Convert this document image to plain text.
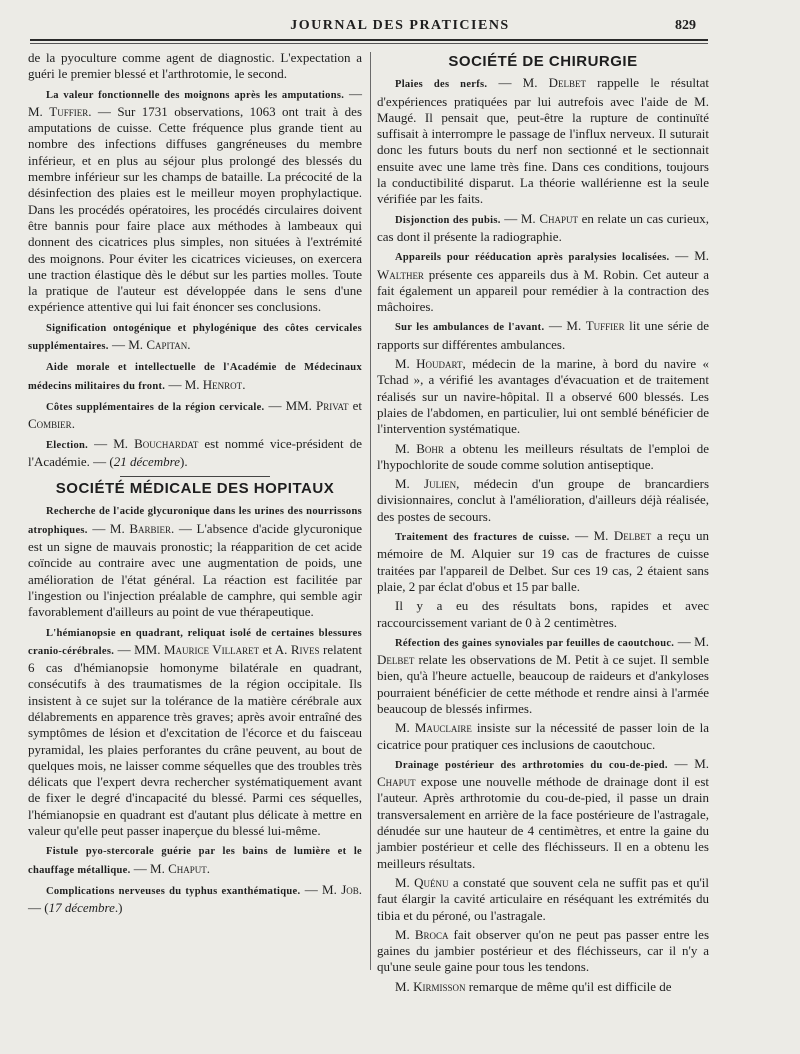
JOURNAL DES PRATICIENS	829

de la pyoculture comme agent de diagnostic. L'expectation a guéri le premier blessé et l'arthrotomie, le second.

La valeur fonctionnelle des moignons après les amputations. — M. Tuffier. — Sur 1731 observations, 1063 ont trait à des amputations de cuisse. Cette fréquence plus grande tient au nombre des infections diffuses gangréneuses du membre inférieur, et en plus au séjour plus prolongé des blessés du membre inférieur sur les champs de bataille. La précocité de la désinfection des plaies est le meilleur moyen prophylactique. Dans les procédés opératoires, les procédés circulaires doivent être bannis pour faire place aux méthodes à lambeaux qui donnent des cicatrices plus simples, non situées à l'extrémité des moignons. Pour éviter les cicatrices vicieuses, on exercera une traction élastique dès le début sur les parties molles. Toute la pratique de l'auteur est développée dans le sens d'une expérience attentive qui lui fait énoncer ses conclusions.

Signification ontogénique et phylogénique des côtes cervicales supplémentaires. — M. Capitan.

Aide morale et intellectuelle de l'Académie de Médecinaux médecins militaires du front. — M. Henrot.

Côtes supplémentaires de la région cervicale. — MM. Privat et Combier.

Election. — M. Bouchardat est nommé vice-président de l'Académie. — (21 décembre).

SOCIÉTÉ MÉDICALE DES HOPITAUX

Recherche de l'acide glycuronique dans les urines des nourrissons atrophiques. — M. Barbier. — L'absence d'acide glycuronique est un signe de mauvais pronostic; la réapparition de cet acide coïncide au contraire avec une augmentation de poids, une amélioration de l'état général. La réaction est facilitée par l'ingestion ou l'injection préalable de camphre, qui semble agir favorablement d'ailleurs au point de vue thérapeutique.

L'hémianopsie en quadrant, reliquat isolé de certaines blessures cranio-cérébrales. — MM. Maurice Villaret et A. Rives relatent 6 cas d'hémianopsie homonyme bilatérale en quadrant, consécutifs à des traumatismes de la région occipitale. Ils insistent à ce sujet sur la tolérance de la matière cérébrale aux délabrements en apparence très graves; après avoir entraîné des symptômes de lésion et d'excitation de l'écorce et du faisceau pyramidal, les plaies perforantes du crâne peuvent, au bout de quelques mois, ne laisser comme séquelles que des troubles très délicats que l'expert devra rechercher systématiquement avant de fixer le degré d'incapacité du blessé. Parmi ces séquelles, l'hémianopsie en quadrant est d'autant plus délicate à mettre en valeur qu'elle peut passer inaperçue du blessé lui-même.

Fistule pyo-stercorale guérie par les bains de lumière et le chauffage métallique. — M. Chaput.

Complications nerveuses du typhus exanthématique. — M. Job. — (17 décembre.)

SOCIÉTÉ DE CHIRURGIE

Plaies des nerfs. — M. Delbet rappelle le résultat d'expériences pratiquées par lui autrefois avec l'aide de M. Maugé. Il pensait que, peut-être la rupture de continuïté suffisait à interrompre le passage de l'influx nerveux. Il suturait donc les futurs bouts du nerf non sectionné et le sectionnait ensuite avec une lame très fine. Dans ces conditions, toujours la conductibilité disparut. La théorie wallérienne est la seule vérifiée par les faits.

Disjonction des pubis. — M. Chaput en relate un cas curieux, cas dont il présente la radiographie.

Appareils pour rééducation après paralysies localisées. — M. Walther présente ces appareils dus à M. Robin. Cet auteur a fait également un appareil pour remédier à la contraction des mâchoires.

Sur les ambulances de l'avant. — M. Tuffier lit une série de rapports sur différentes ambulances.

M. Houdart, médecin de la marine, à bord du navire « Tchad », a vérifié les avantages d'évacuation et de traitement réalisés sur un navire-hôpital. Il a observé 600 blessés. Les plaies de l'abdomen, en particulier, lui ont semblé bénéficier de l'intervention systématique.

M. Bohr a obtenu les meilleurs résultats de l'emploi de l'hypochlorite de soude comme solution antiseptique.

M. Julien, médecin d'un groupe de brancardiers divisionnaires, conclut à l'amélioration, d'ailleurs déjà réalisée, des postes de secours.

Traitement des fractures de cuisse. — M. Delbet a reçu un mémoire de M. Alquier sur 19 cas de fractures de cuisse traitées par l'appareil de Delbet. Sur ces 19 cas, 2 étaient sans plaie, 2 par éclat d'obus et 15 par balle.

Il y a eu des résultats bons, rapides et avec raccourcissement variant de 0 à 2 centimètres.

Réfection des gaines synoviales par feuilles de caoutchouc. — M. Delbet relate les observations de M. Petit à ce sujet. Il semble bien, qu'à l'heure actuelle, beaucoup de raideurs et d'ankyloses pourraient bénéficier de cette méthode et rendre ainsi à l'armée beaucoup de blessés infirmes.

M. Mauclaire insiste sur la nécessité de passer loin de la cicatrice pour pratiquer ces inclusions de caoutchouc.

Drainage postérieur des arthrotomies du cou-de-pied. — M. Chaput expose une nouvelle méthode de drainage dont il est l'auteur. Après arthrotomie du cou-de-pied, il passe un drain transversalement en arrière de la face postérieure de l'astragale, dénudée sur une hauteur de 4 centimètres, et entre la gaine du jambier postérieur et celle des fléchisseurs. Il en a obtenu les meilleurs résultats.

M. Quénu a constaté que souvent cela ne suffit pas et qu'il faut élargir la cavité articulaire en réséquant les extrémités du tibia et du péroné, ou l'astragale.

M. Broca fait observer qu'on ne peut pas passer entre les gaines du jambier postérieur et des fléchisseurs, car il n'y a qu'une seule gaine pour tous les tendons.

M. Kirmisson remarque de même qu'il est difficile de
